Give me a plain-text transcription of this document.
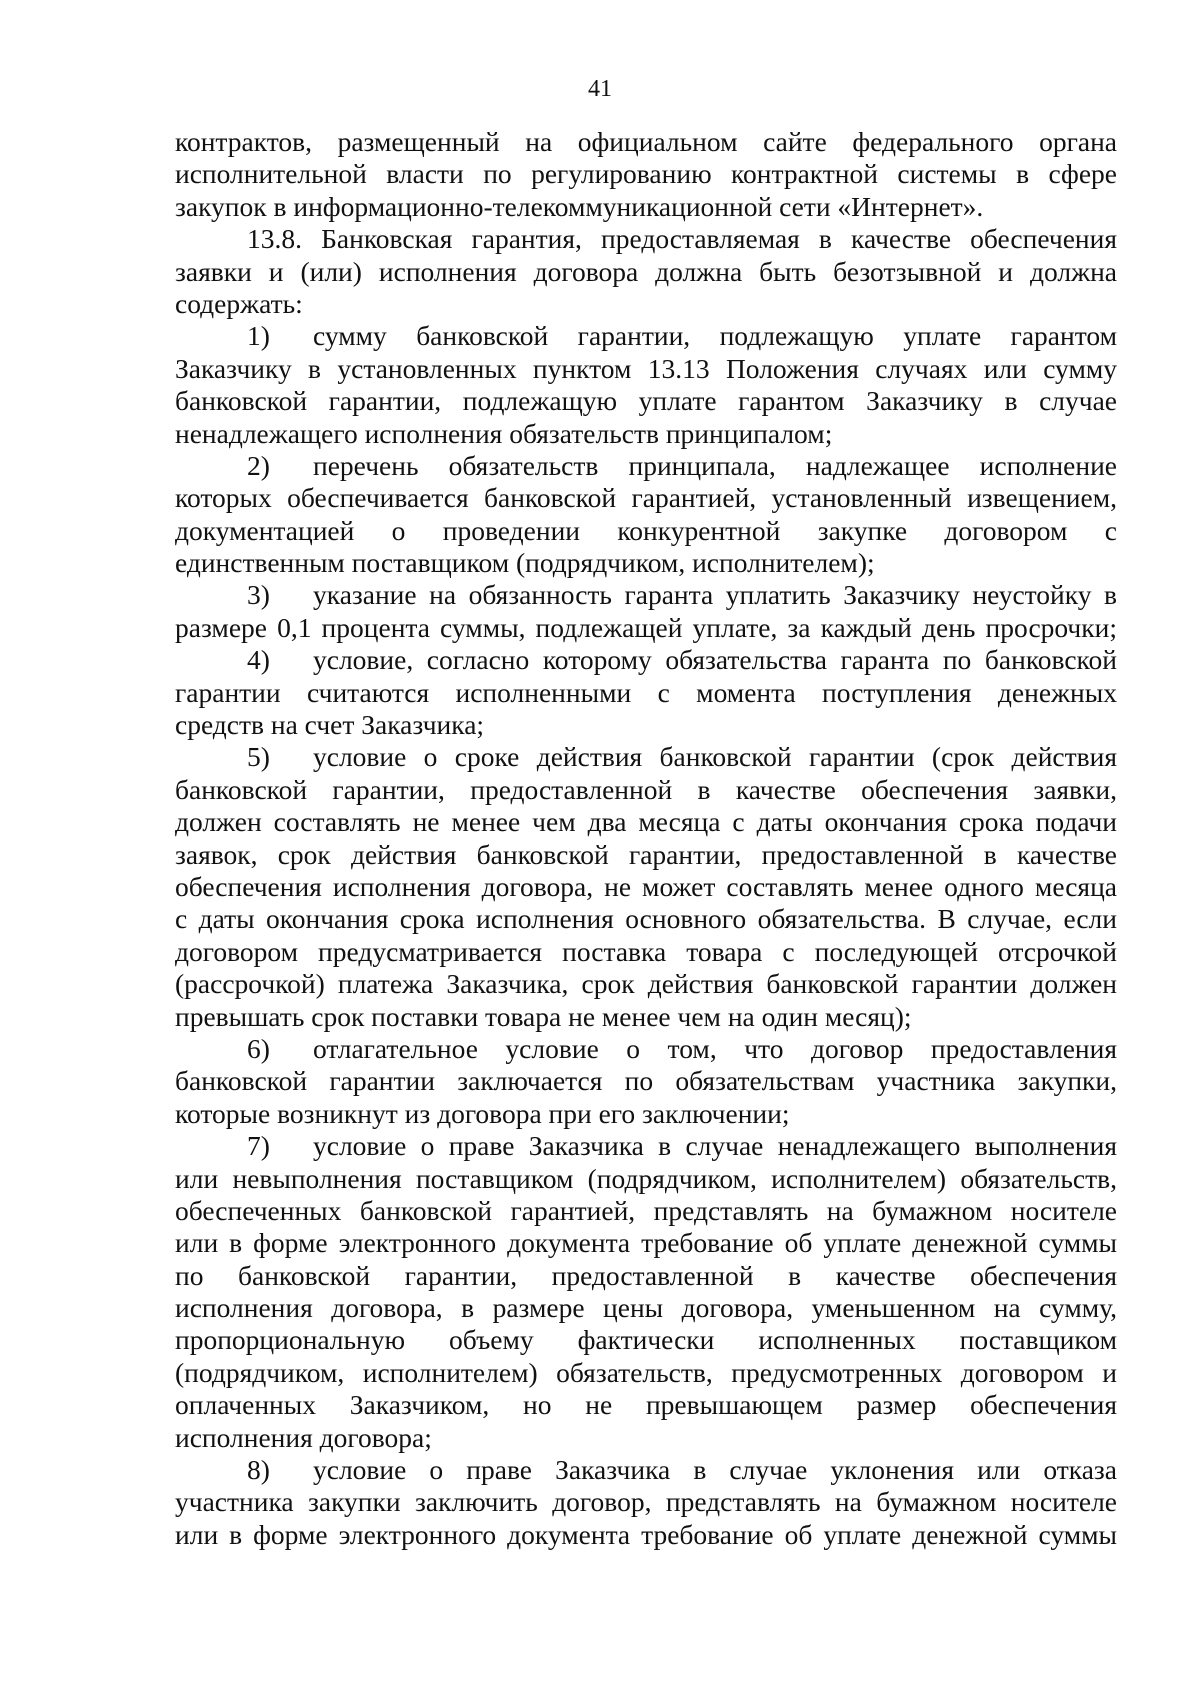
41
контрактов, размещенный на официальном сайте федерального органа
исполнительной власти по регулированию контрактной системы в сфере
закупок в информационно-телекоммуникационной сети «Интернет».
13.8. Банковская гарантия, предоставляемая в качестве обеспечения
заявки и (или) исполнения договора должна быть безотзывной и должна
содержать:
1) сумму банковской гарантии, подлежащую уплате гарантом
Заказчику в установленных пунктом 13.13 Положения случаях или сумму
банковской гарантии, подлежащую уплате гарантом Заказчику в случае
ненадлежащего исполнения обязательств принципалом;
2) перечень обязательств принципала, надлежащее исполнение
которых обеспечивается банковской гарантией, установленный извещением,
документацией о проведении конкурентной закупке договором с
единственным поставщиком (подрядчиком, исполнителем);
3) указание на обязанность гаранта уплатить Заказчику неустойку в
размере 0,1 процента суммы, подлежащей уплате, за каждый день просрочки;
4) условие, согласно которому обязательства гаранта по банковской
гарантии считаются исполненными с момента поступления денежных
средств на счет Заказчика;
5) условие о сроке действия банковской гарантии (срок действия
банковской гарантии, предоставленной в качестве обеспечения заявки,
должен составлять не менее чем два месяца с даты окончания срока подачи
заявок, срок действия банковской гарантии, предоставленной в качестве
обеспечения исполнения договора, не может составлять менее одного месяца
с даты окончания срока исполнения основного обязательства. В случае, если
договором предусматривается поставка товара с последующей отсрочкой
(рассрочкой) платежа Заказчика, срок действия банковской гарантии должен
превышать срок поставки товара не менее чем на один месяц);
6) отлагательное условие о том, что договор предоставления
банковской гарантии заключается по обязательствам участника закупки,
которые возникнут из договора при его заключении;
7) условие о праве Заказчика в случае ненадлежащего выполнения
или невыполнения поставщиком (подрядчиком, исполнителем) обязательств,
обеспеченных банковской гарантией, представлять на бумажном носителе
или в форме электронного документа требование об уплате денежной суммы
по банковской гарантии, предоставленной в качестве обеспечения
исполнения договора, в размере цены договора, уменьшенном на сумму,
пропорциональную объему фактически исполненных поставщиком
(подрядчиком, исполнителем) обязательств, предусмотренных договором и
оплаченных Заказчиком, но не превышающем размер обеспечения
исполнения договора;
8) условие о праве Заказчика в случае уклонения или отказа
участника закупки заключить договор, представлять на бумажном носителе
или в форме электронного документа требование об уплате денежной суммы
